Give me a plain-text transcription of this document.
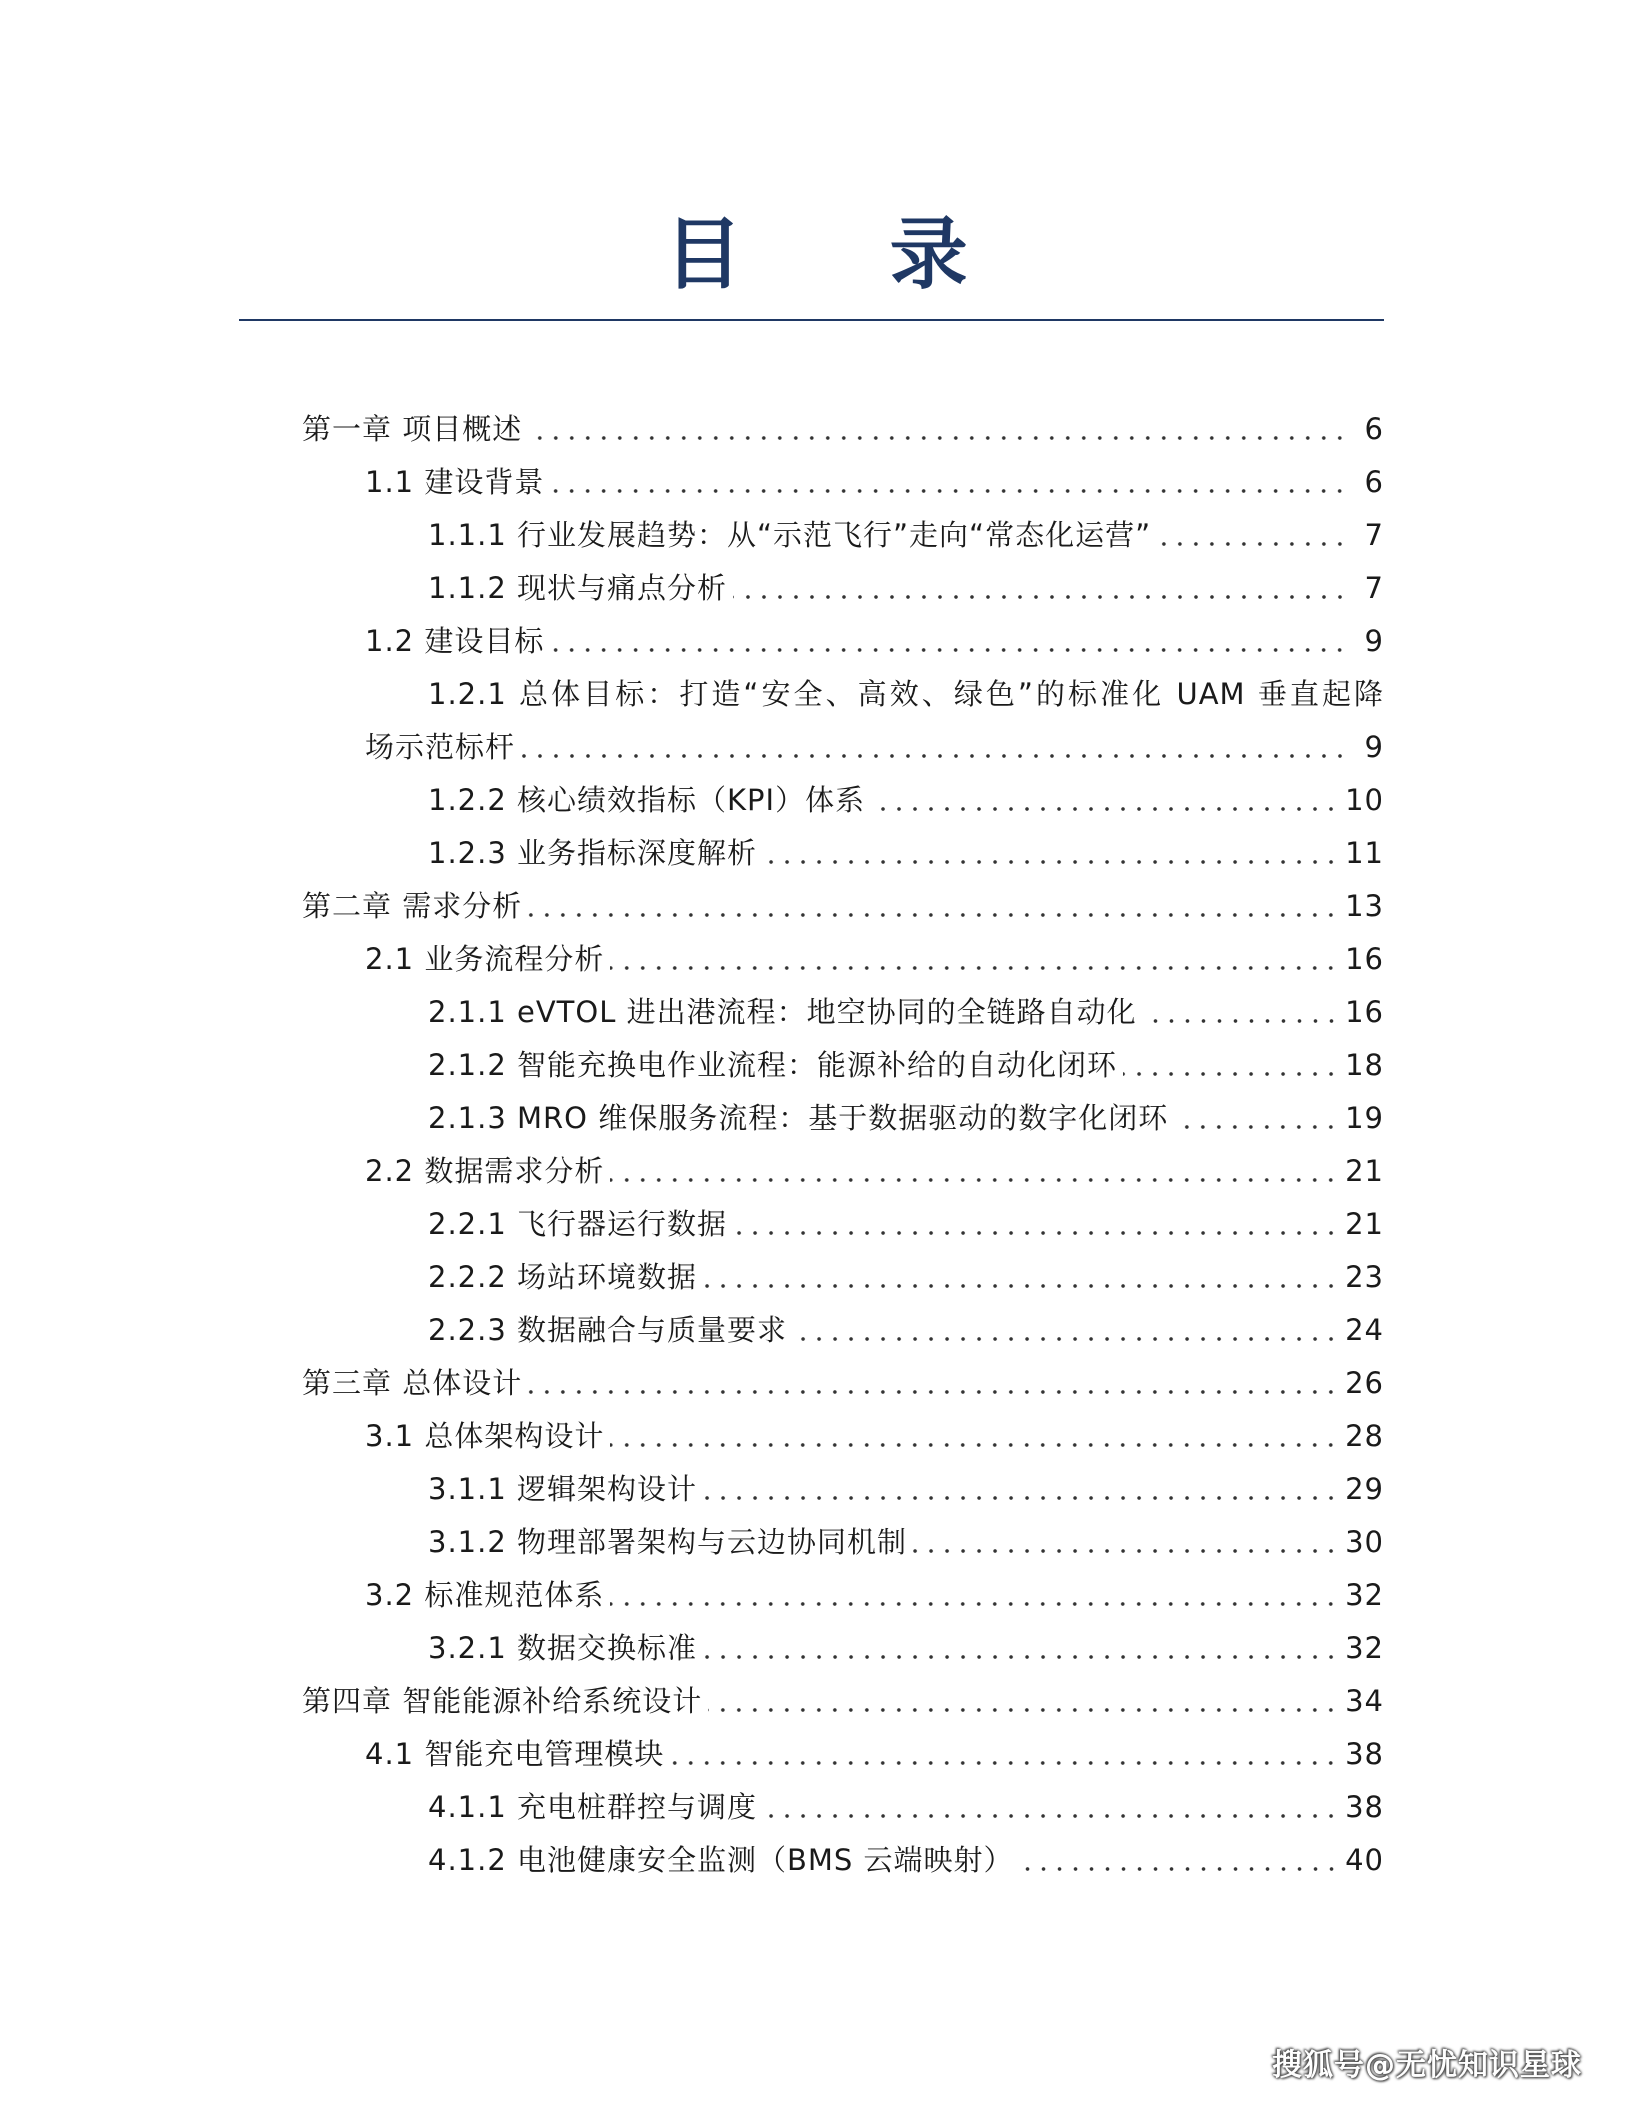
目 录
第一章 项目概述	6
1.1 建设背景	6
1.1.1 行业发展趋势：从“示范飞行”走向“常态化运营”	7
1.1.2 现状与痛点分析	7
1.2 建设目标	9
1.2.1 总体目标：打造“安全、高效、绿色”的标准化 UAM 垂直起降
场示范标杆	9
1.2.2 核心绩效指标（KPI）体系	10
1.2.3 业务指标深度解析	11
第二章 需求分析	13
2.1 业务流程分析	16
2.1.1 eVTOL 进出港流程：地空协同的全链路自动化	16
2.1.2 智能充换电作业流程：能源补给的自动化闭环	18
2.1.3 MRO 维保服务流程：基于数据驱动的数字化闭环	19
2.2 数据需求分析	21
2.2.1 飞行器运行数据	21
2.2.2 场站环境数据	23
2.2.3 数据融合与质量要求	24
第三章 总体设计	26
3.1 总体架构设计	28
3.1.1 逻辑架构设计	29
3.1.2 物理部署架构与云边协同机制	30
3.2 标准规范体系	32
3.2.1 数据交换标准	32
第四章 智能能源补给系统设计	34
4.1 智能充电管理模块	38
4.1.1 充电桩群控与调度	38
4.1.2 电池健康安全监测（BMS 云端映射）	40
搜狐号@无忧知识星球
